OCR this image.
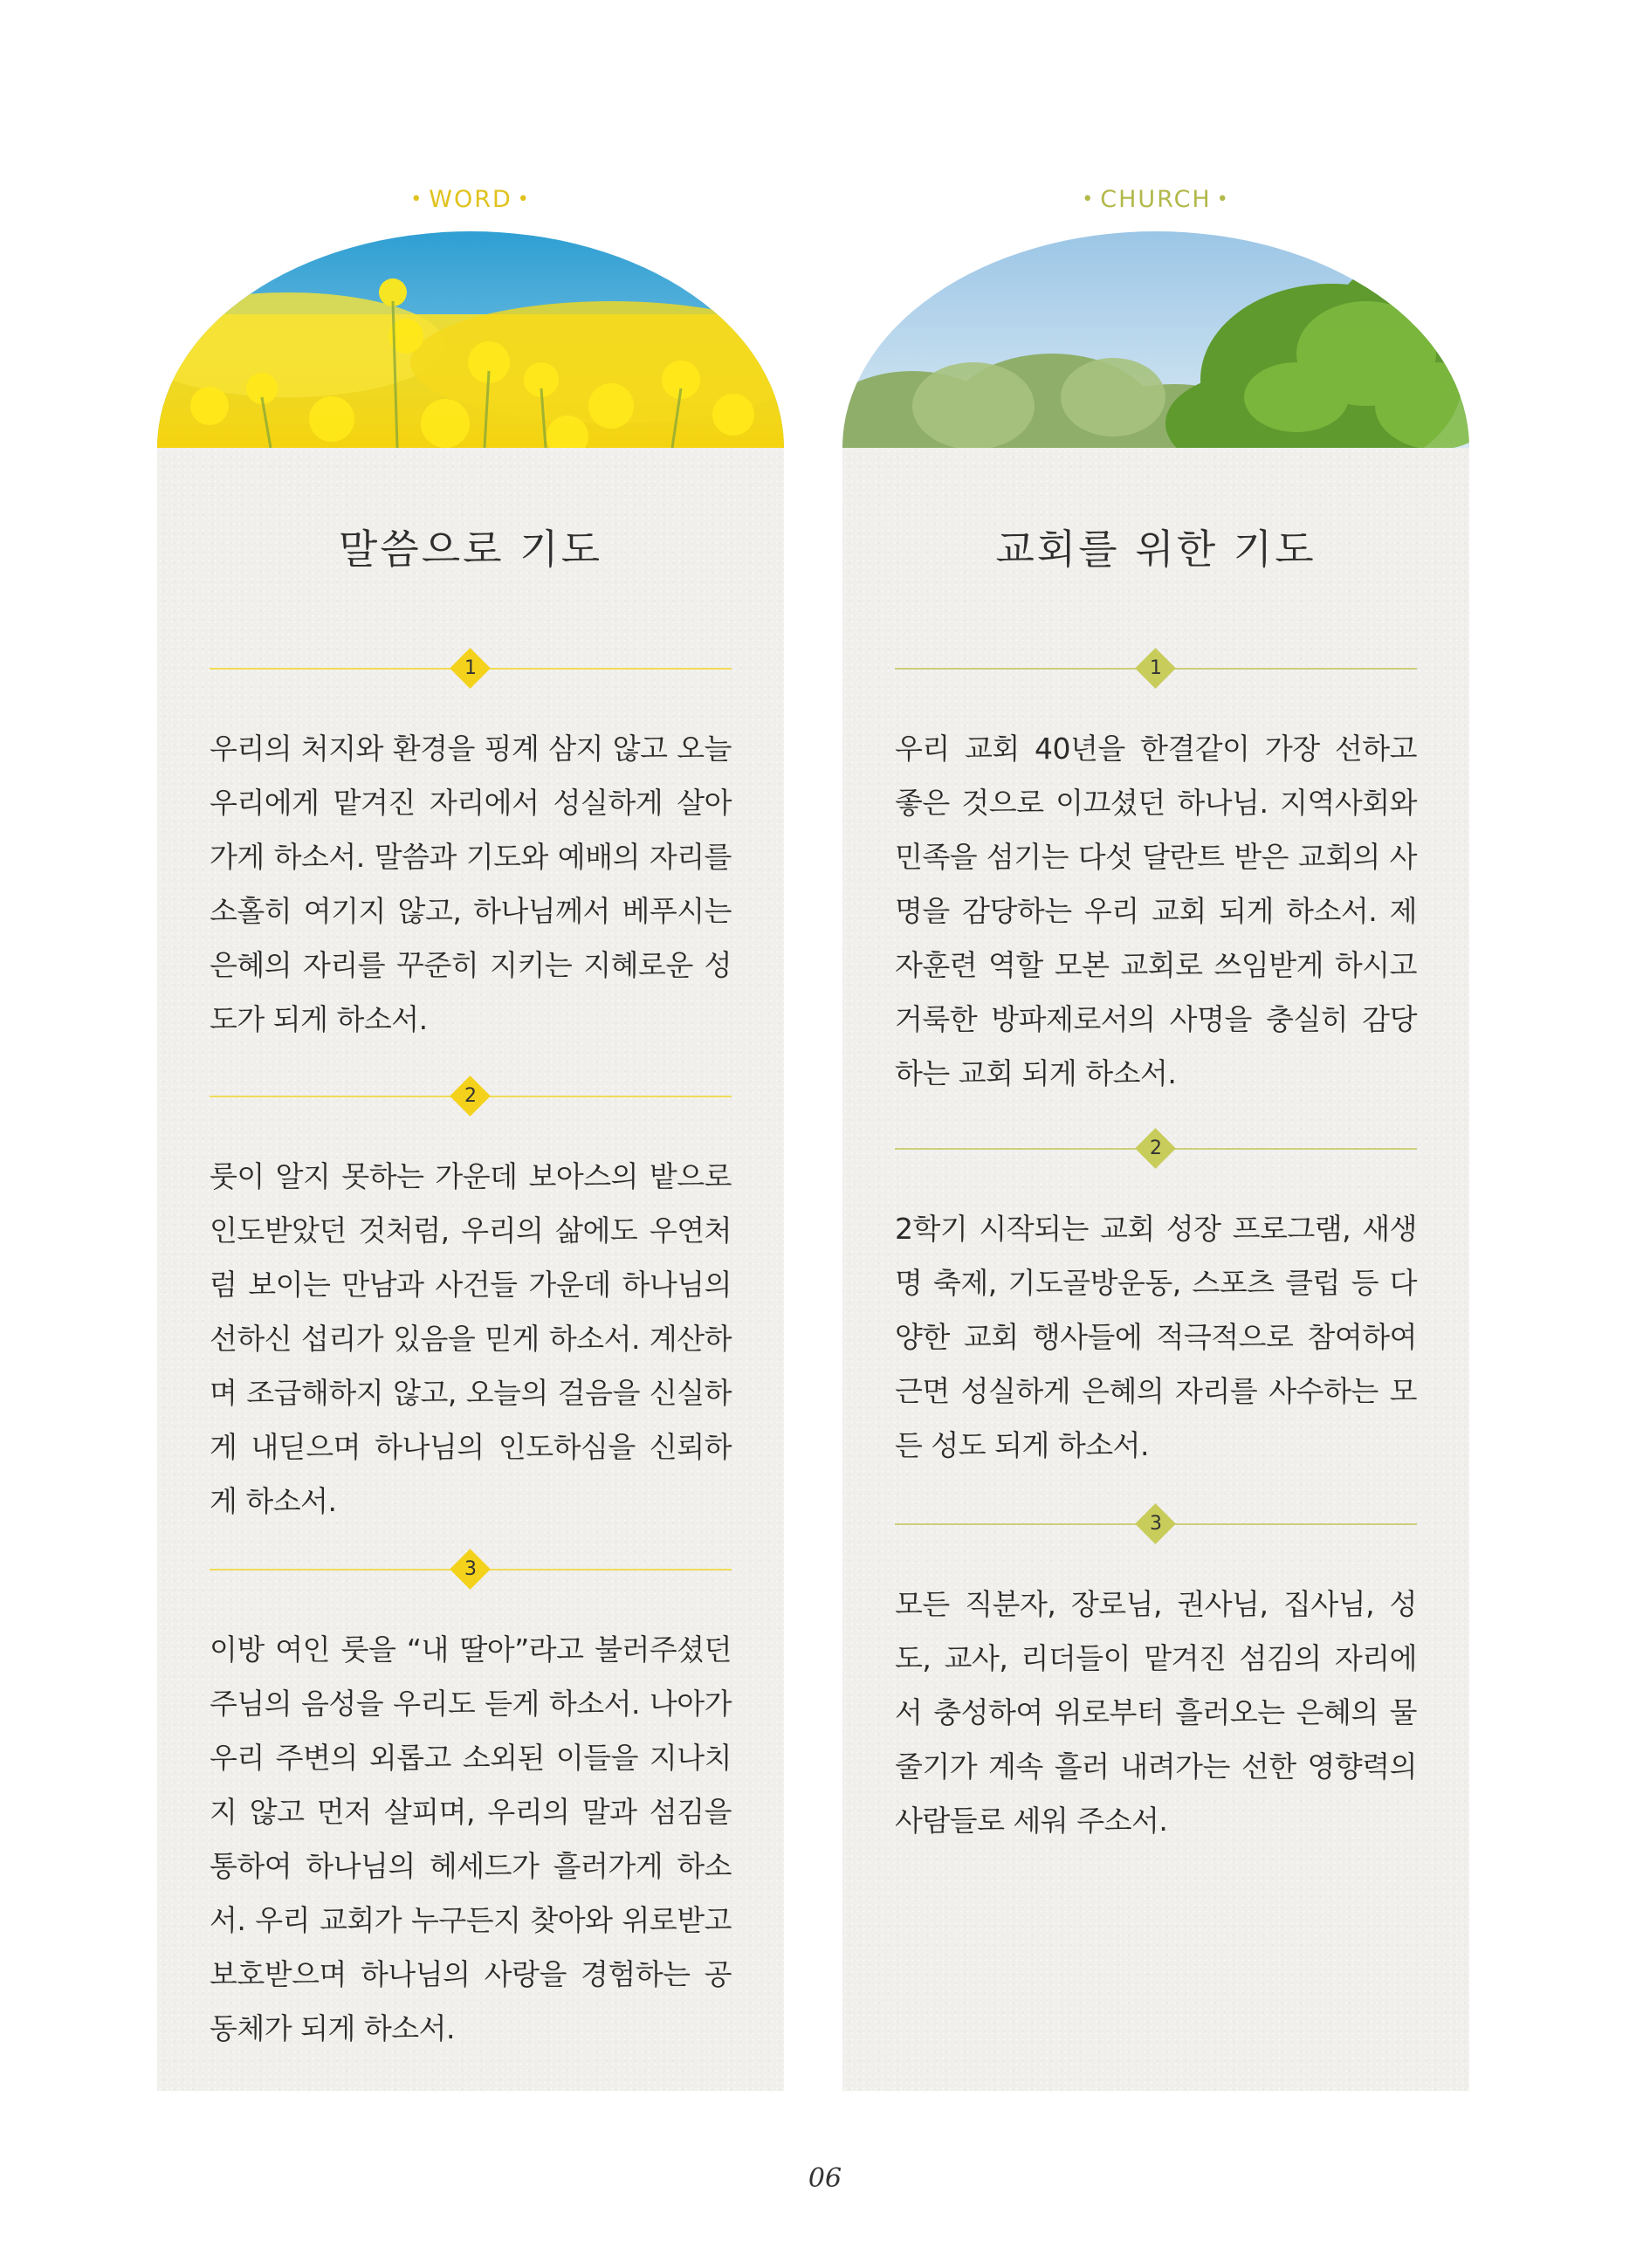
• WORD •
말씀으로 기도
1

우리의 처지와 환경을 핑계 삼지 않고 오늘 우리에게 맡겨진 자리에서 성실하게 살아가게 하소서. 말씀과 기도와 예배의 자리를 소홀히 여기지 않고, 하나님께서 베푸시는 은혜의 자리를 꾸준히 지키는 지혜로운 성도가 되게 하소서.

2

룻이 알지 못하는 가운데 보아스의 밭으로 인도받았던 것처럼, 우리의 삶에도 우연처럼 보이는 만남과 사건들 가운데 하나님의 선하신 섭리가 있음을 믿게 하소서. 계산하며 조급해하지 않고, 오늘의 걸음을 신실하게 내딛으며 하나님의 인도하심을 신뢰하게 하소서.

3

이방 여인 룻을 “내 딸아”라고 불러주셨던 주님의 음성을 우리도 듣게 하소서. 나아가 우리 주변의 외롭고 소외된 이들을 지나치지 않고 먼저 살피며, 우리의 말과 섬김을 통하여 하나님의 헤세드가 흘러가게 하소서. 우리 교회가 누구든지 찾아와 위로받고 보호받으며 하나님의 사랑을 경험하는 공동체가 되게 하소서.

• CHURCH •
교회를 위한 기도
1

우리 교회 40년을 한결같이 가장 선하고 좋은 것으로 이끄셨던 하나님. 지역사회와 민족을 섬기는 다섯 달란트 받은 교회의 사명을 감당하는 우리 교회 되게 하소서. 제자훈련 역할 모본 교회로 쓰임받게 하시고 거룩한 방파제로서의 사명을 충실히 감당하는 교회 되게 하소서.

2

2학기 시작되는 교회 성장 프로그램, 새생명 축제, 기도골방운동, 스포츠 클럽 등 다양한 교회 행사들에 적극적으로 참여하여 근면 성실하게 은혜의 자리를 사수하는 모든 성도 되게 하소서.

3

모든 직분자, 장로님, 권사님, 집사님, 성도, 교사, 리더들이 맡겨진 섬김의 자리에서 충성하여 위로부터 흘러오는 은혜의 물줄기가 계속 흘러 내려가는 선한 영향력의 사람들로 세워 주소서.

06
